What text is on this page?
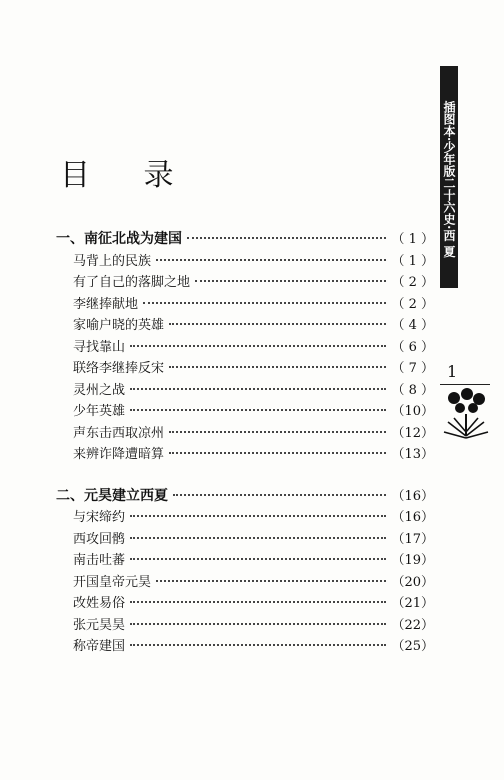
目 录	插图本·少年版二十六史·西 夏
1
一、南征北战为建国	（ 1 ）
马背上的民族	（ 1 ）
有了自己的落脚之地	（ 2 ）
李继捧献地	（ 2 ）
家喻户晓的英雄	（ 4 ）
寻找靠山	（ 6 ）
联络李继捧反宋	（ 7 ）
灵州之战	（ 8 ）
少年英雄	（10）
声东击西取凉州	（12）
来辨诈降遭暗算	（13）
二、元昊建立西夏	（16）
与宋缔约	（16）
西攻回鹘	（17）
南击吐蕃	（19）
开国皇帝元昊	（20）
改姓易俗	（21）
张元昊昊	（22）
称帝建国	（25）
